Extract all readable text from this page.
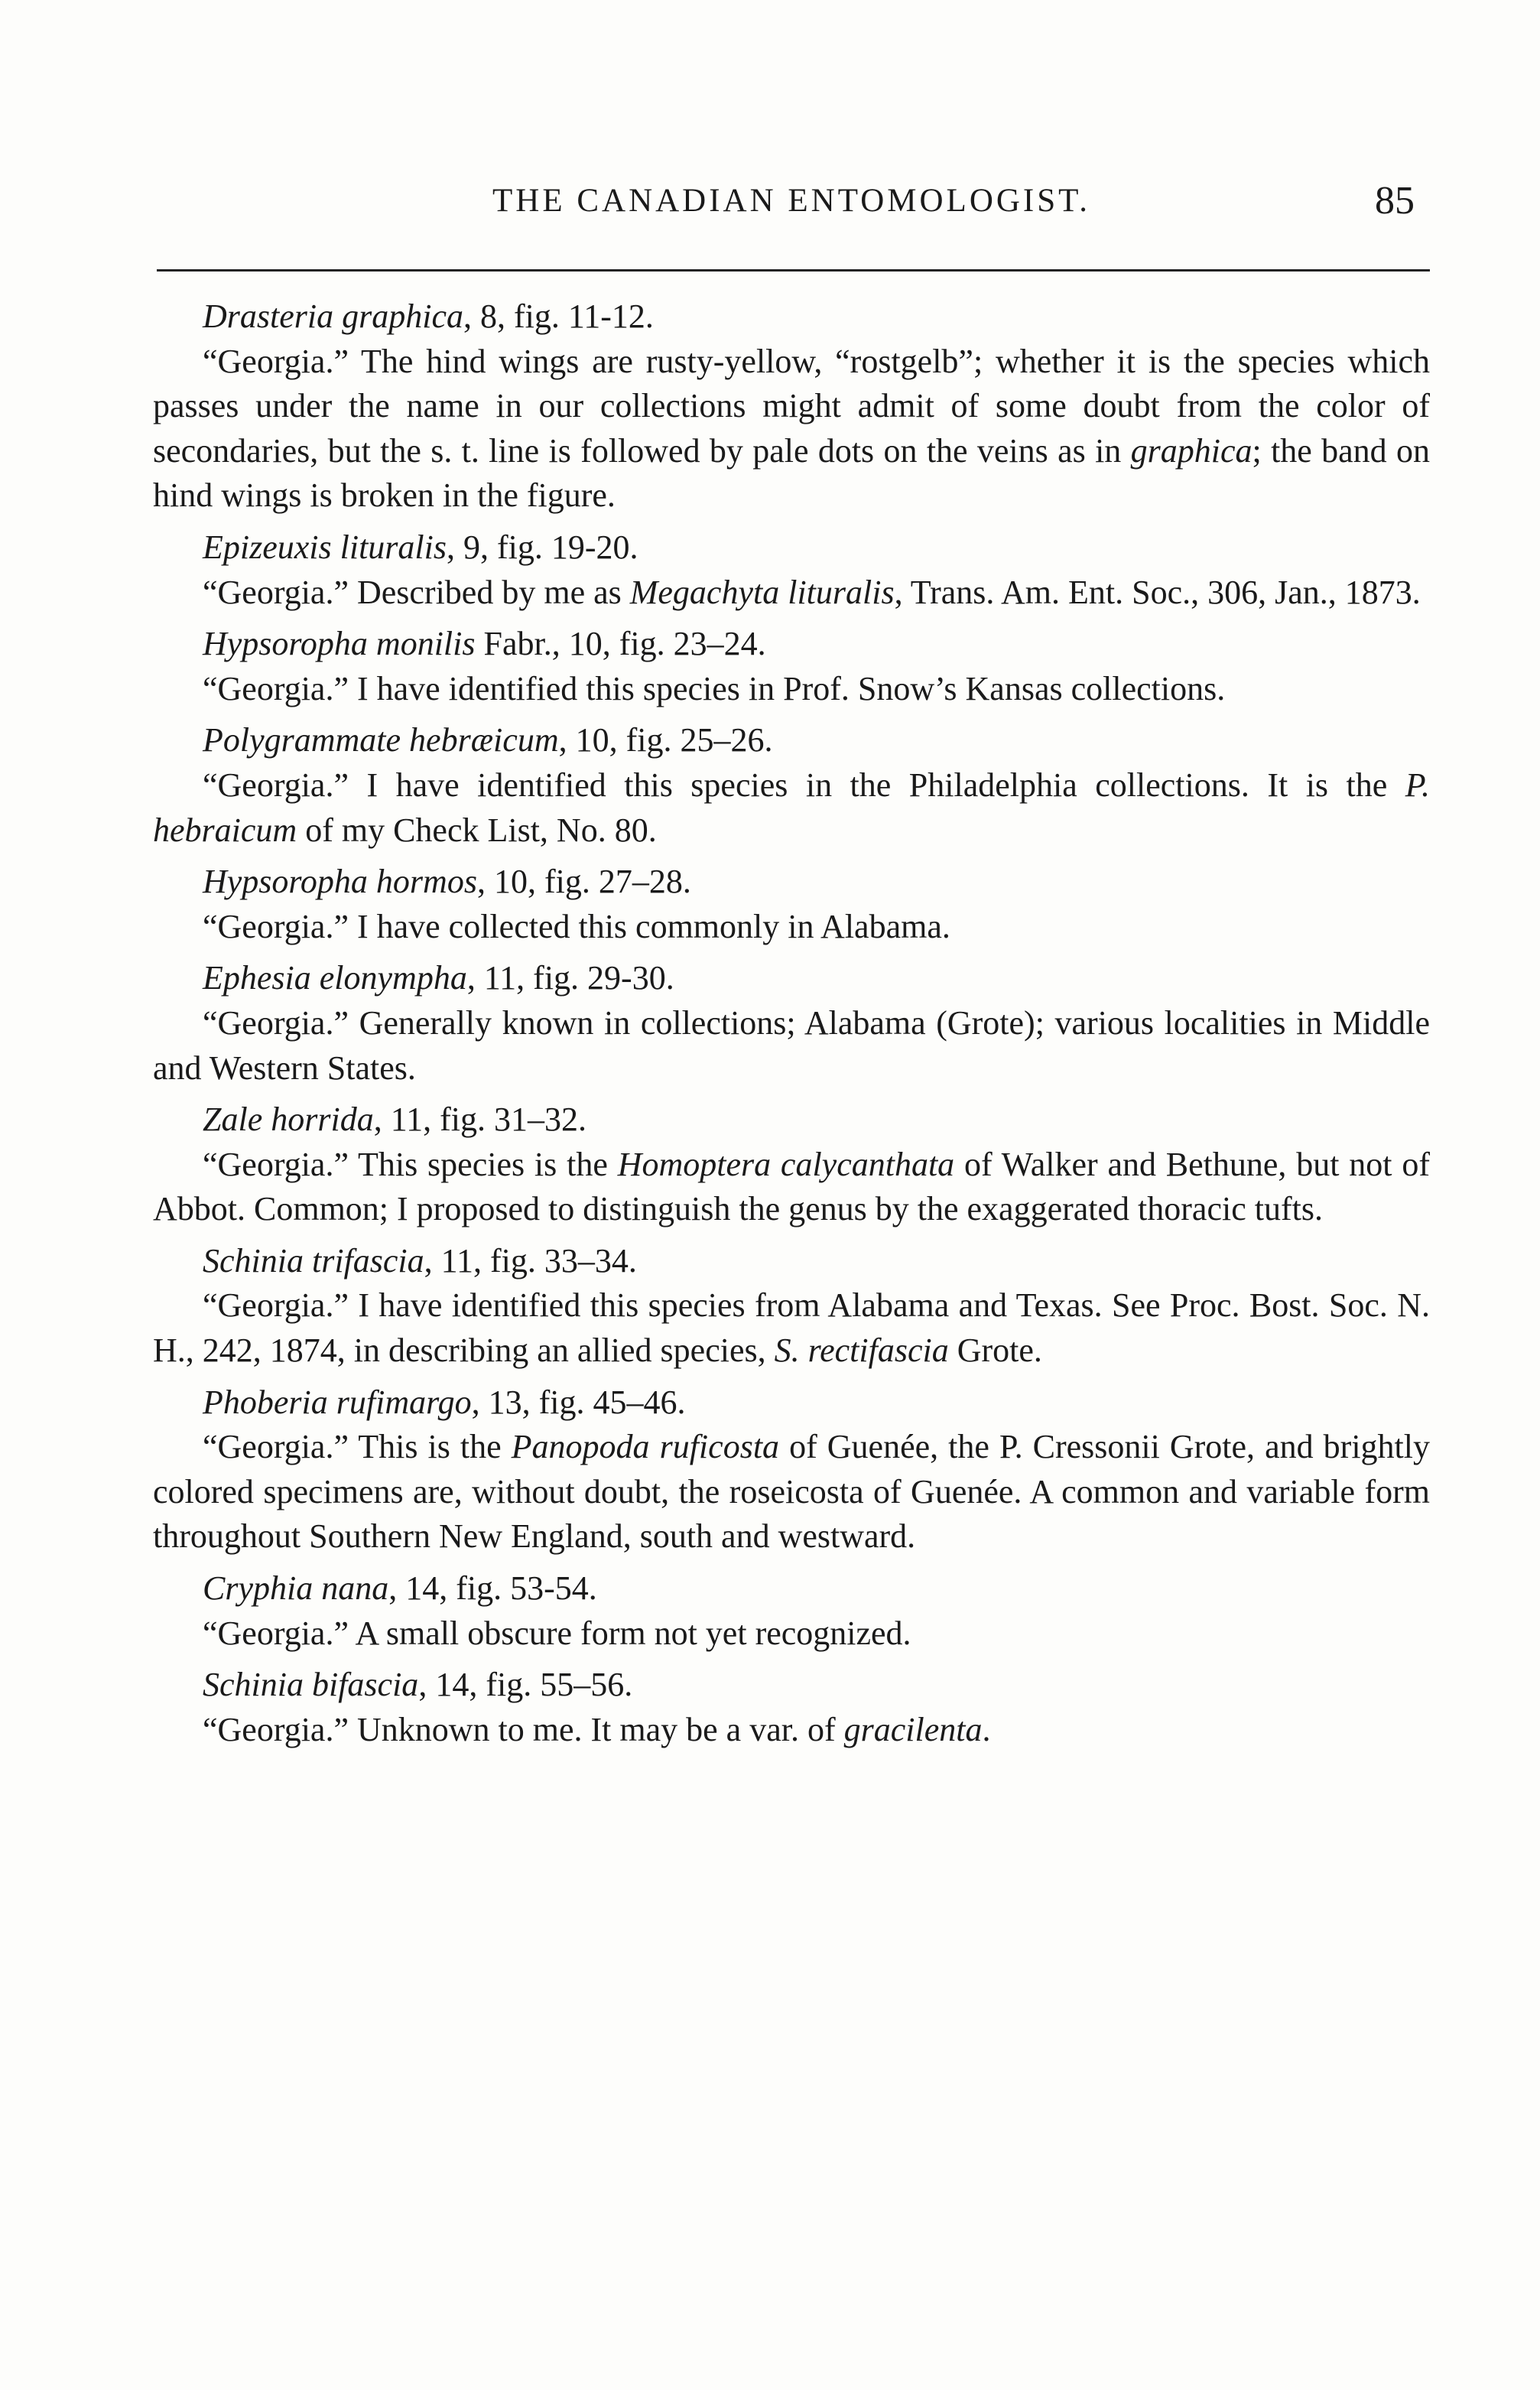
THE CANADIAN ENTOMOLOGIST.	85
Drasteria graphica, 8, fig. 11-12.
“Georgia.” The hind wings are rusty-yellow, “rostgelb”; whether it is the species which passes under the name in our collections might admit of some doubt from the color of secondaries, but the s. t. line is followed by pale dots on the veins as in graphica; the band on hind wings is broken in the figure.
Epizeuxis lituralis, 9, fig. 19-20.
“Georgia.” Described by me as Megachyta lituralis, Trans. Am. Ent. Soc., 306, Jan., 1873.
Hypsoropha monilis Fabr., 10, fig. 23–24.
“Georgia.” I have identified this species in Prof. Snow’s Kansas collections.
Polygrammate hebræicum, 10, fig. 25–26.
“Georgia.” I have identified this species in the Philadelphia collections. It is the P. hebraicum of my Check List, No. 80.
Hypsoropha hormos, 10, fig. 27–28.
“Georgia.” I have collected this commonly in Alabama.
Ephesia elonympha, 11, fig. 29-30.
“Georgia.” Generally known in collections; Alabama (Grote); various localities in Middle and Western States.
Zale horrida, 11, fig. 31–32.
“Georgia.” This species is the Homoptera calycanthata of Walker and Bethune, but not of Abbot. Common; I proposed to distinguish the genus by the exaggerated thoracic tufts.
Schinia trifascia, 11, fig. 33–34.
“Georgia.” I have identified this species from Alabama and Texas. See Proc. Bost. Soc. N. H., 242, 1874, in describing an allied species, S. rectifascia Grote.
Phoberia rufimargo, 13, fig. 45–46.
“Georgia.” This is the Panopoda ruficosta of Guenée, the P. Cressonii Grote, and brightly colored specimens are, without doubt, the roseicosta of Guenée. A common and variable form throughout Southern New England, south and westward.
Cryphia nana, 14, fig. 53-54.
“Georgia.” A small obscure form not yet recognized.
Schinia bifascia, 14, fig. 55–56.
“Georgia.” Unknown to me. It may be a var. of gracilenta.
